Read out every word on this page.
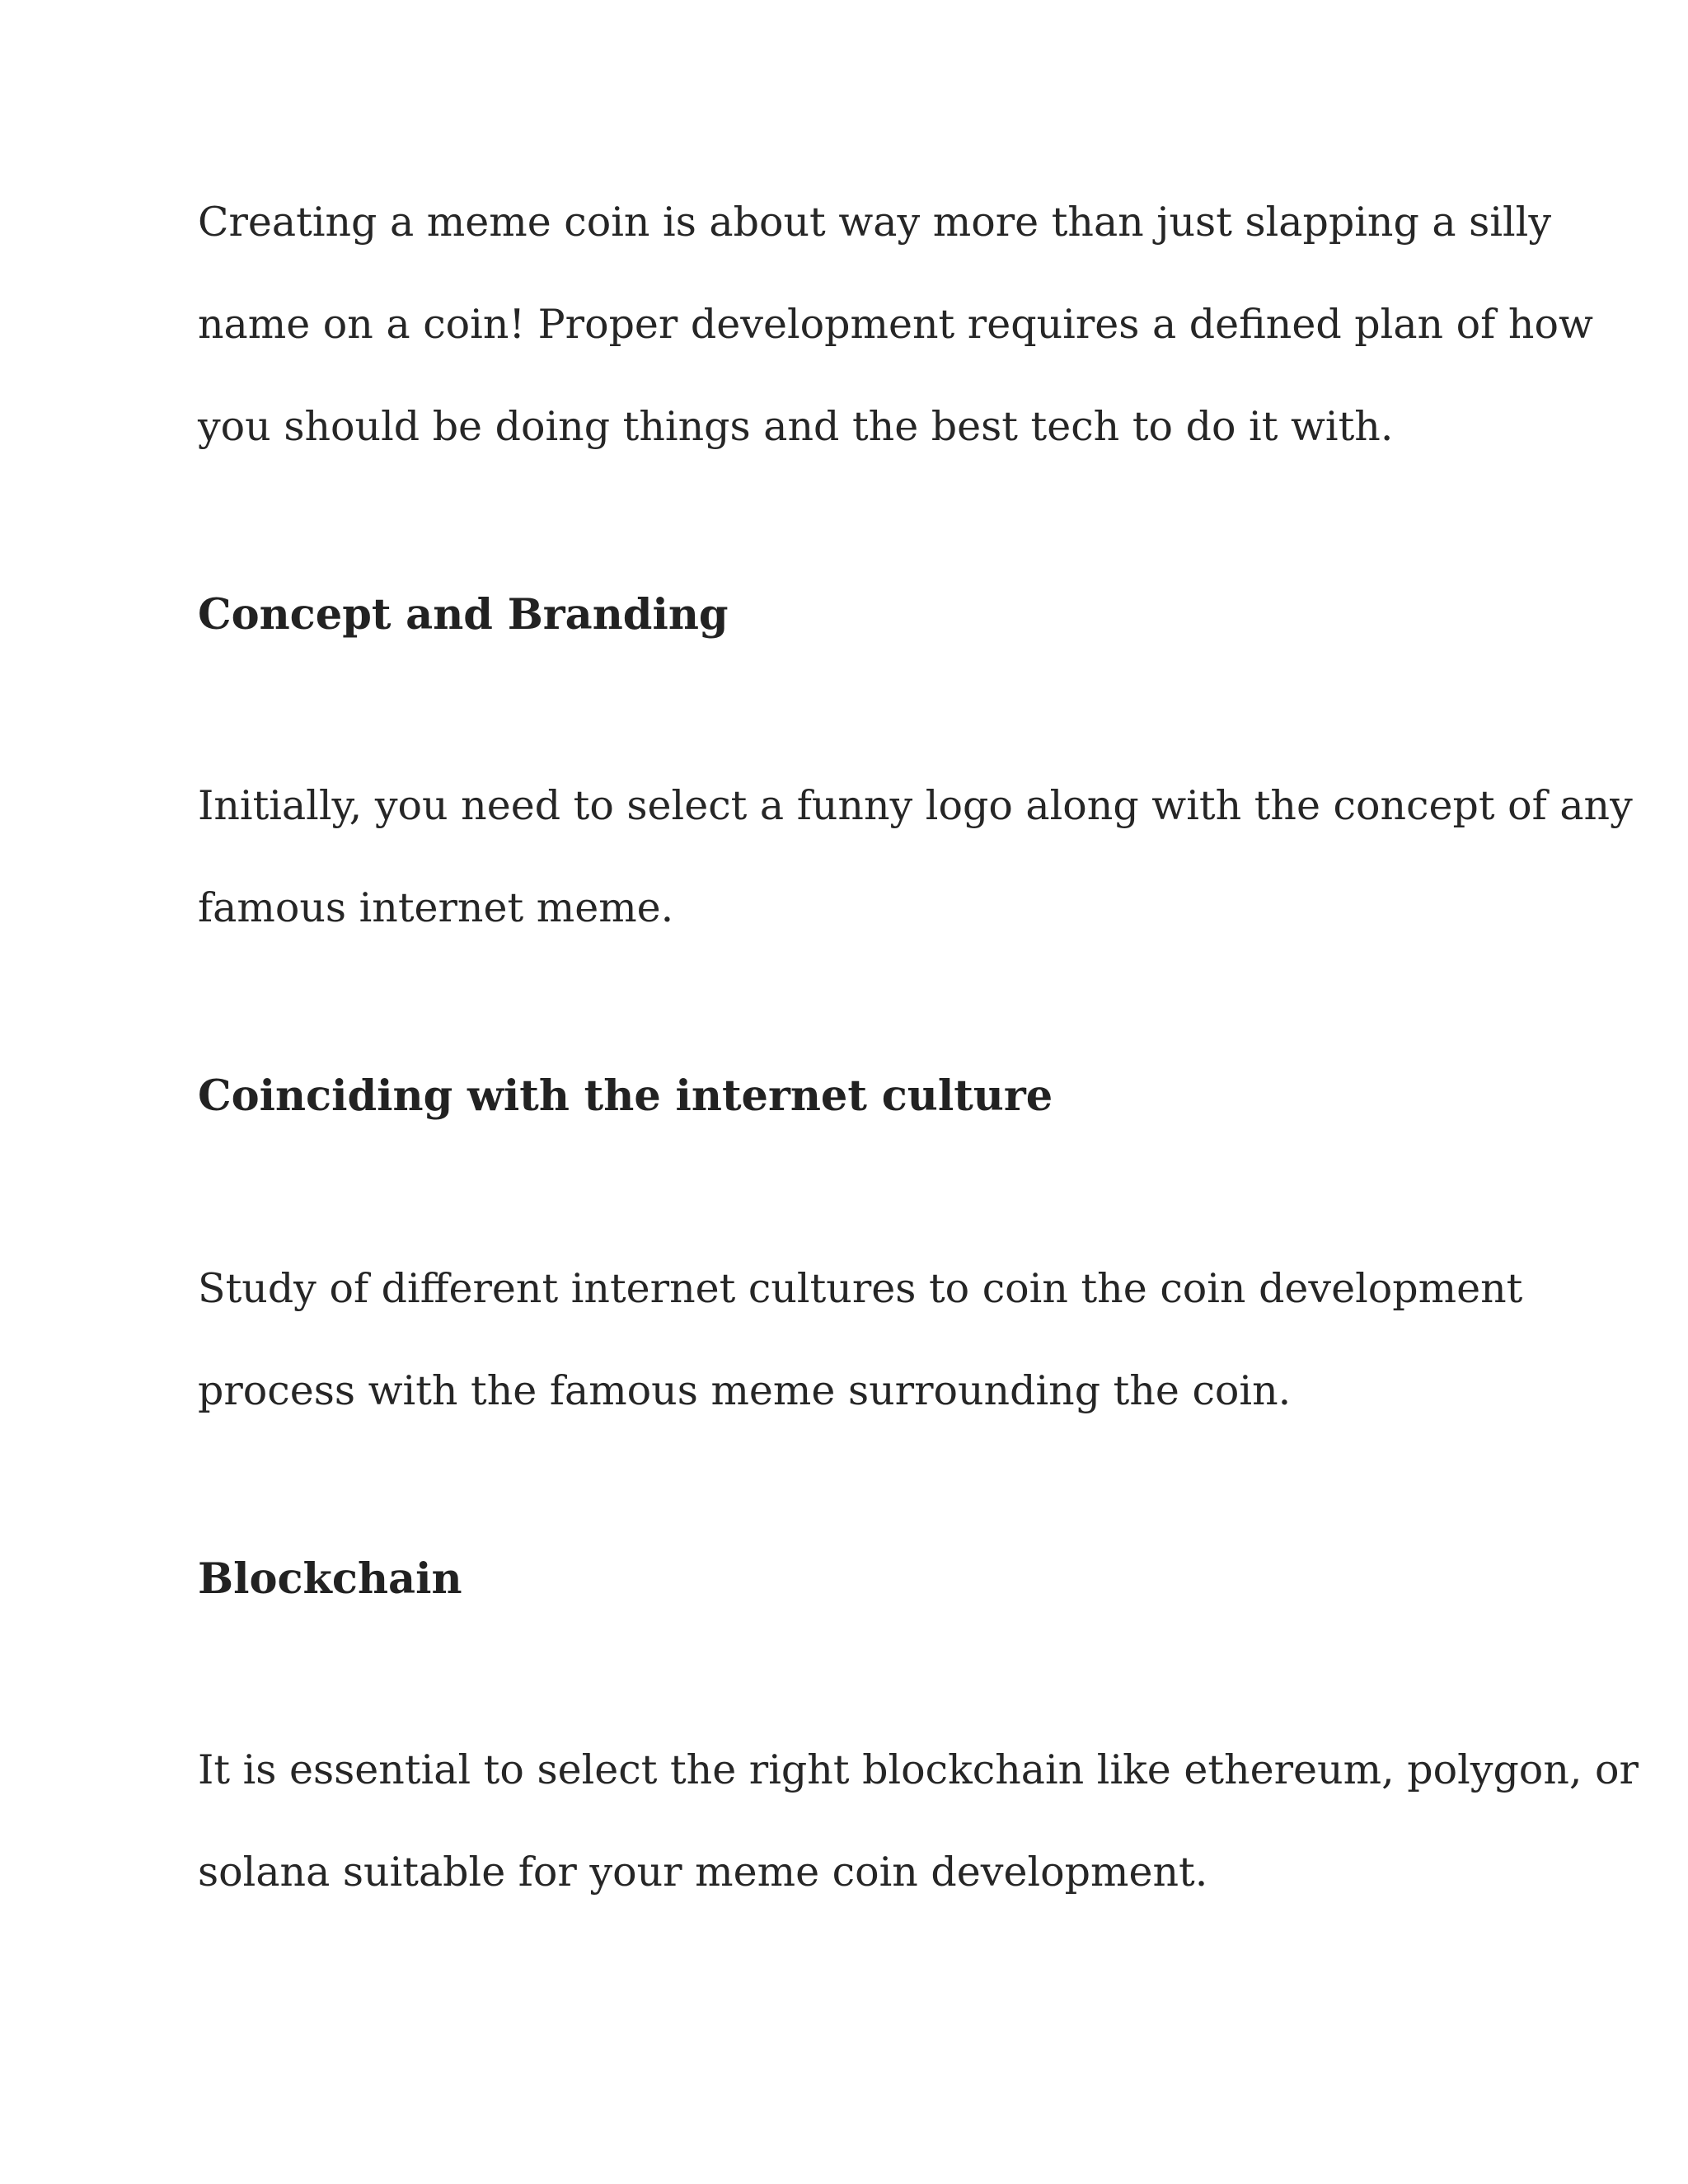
Creating a meme coin is about way more than just slapping a silly
name on a coin! Proper development requires a defined plan of how
you should be doing things and the best tech to do it with.

Concept and Branding

Initially, you need to select a funny logo along with the concept of any
famous internet meme.

Coinciding with the internet culture

Study of different internet cultures to coin the coin development
process with the famous meme surrounding the coin.

Blockchain

It is essential to select the right blockchain like ethereum, polygon, or
solana suitable for your meme coin development.
